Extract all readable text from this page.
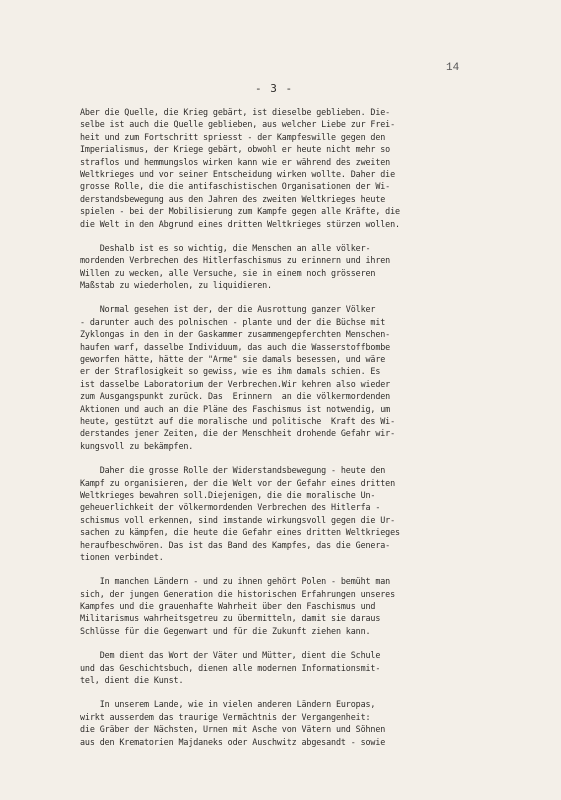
14
- 3 -
Aber die Quelle, die Krieg gebärt, ist dieselbe geblieben. Die-
selbe ist auch die Quelle geblieben, aus welcher Liebe zur Frei-
heit und zum Fortschritt spriesst - der Kampfeswille gegen den
Imperialismus, der Kriege gebärt, obwohl er heute nicht mehr so
straflos und hemmungslos wirken kann wie er während des zweiten
Weltkrieges und vor seiner Entscheidung wirken wollte. Daher die
grosse Rolle, die die antifaschistischen Organisationen der Wi-
derstandsbewegung aus den Jahren des zweiten Weltkrieges heute
spielen - bei der Mobilisierung zum Kampfe gegen alle Kräfte, die
die Welt in den Abgrund eines dritten Weltkrieges stürzen wollen.
Deshalb ist es so wichtig, die Menschen an alle völker-
mordenden Verbrechen des Hitlerfaschismus zu erinnern und ihren
Willen zu wecken, alle Versuche, sie in einem noch grösseren
Maßstab zu wiederholen, zu liquidieren.
Normal gesehen ist der, der die Ausrottung ganzer Völker
- darunter auch des polnischen - plante und der die Büchse mit
Zyklongas in den in der Gaskammer zusammengepferchten Menschen-
haufen warf, dasselbe Individuum, das auch die Wasserstoffbombe
geworfen hätte, hätte der "Arme" sie damals besessen, und wäre
er der Straflosigkeit so gewiss, wie es ihm damals schien. Es
ist dasselbe Laboratorium der Verbrechen.Wir kehren also wieder
zum Ausgangspunkt zurück. Das  Erinnern  an die völkermordenden
Aktionen und auch an die Pläne des Faschismus ist notwendig, um
heute, gestützt auf die moralische und politische  Kraft des Wi-
derstandes jener Zeiten, die der Menschheit drohende Gefahr wir-
kungsvoll zu bekämpfen.
Daher die grosse Rolle der Widerstandsbewegung - heute den
Kampf zu organisieren, der die Welt vor der Gefahr eines dritten
Weltkrieges bewahren soll.Diejenigen, die die moralische Un-
geheuerlichkeit der völkermordenden Verbrechen des Hitlerfa -
schismus voll erkennen, sind imstande wirkungsvoll gegen die Ur-
sachen zu kämpfen, die heute die Gefahr eines dritten Weltkrieges
heraufbeschwören. Das ist das Band des Kampfes, das die Genera-
tionen verbindet.
In manchen Ländern - und zu ihnen gehört Polen - bemüht man
sich, der jungen Generation die historischen Erfahrungen unseres
Kampfes und die grauenhafte Wahrheit über den Faschismus und
Militarismus wahrheitsgetreu zu übermitteln, damit sie daraus
Schlüsse für die Gegenwart und für die Zukunft ziehen kann.
Dem dient das Wort der Väter und Mütter, dient die Schule
und das Geschichtsbuch, dienen alle modernen Informationsmit-
tel, dient die Kunst.
In unserem Lande, wie in vielen anderen Ländern Europas,
wirkt ausserdem das traurige Vermächtnis der Vergangenheit:
die Gräber der Nächsten, Urnen mit Asche von Vätern und Söhnen
aus den Krematorien Majdaneks oder Auschwitz abgesandt - sowie
